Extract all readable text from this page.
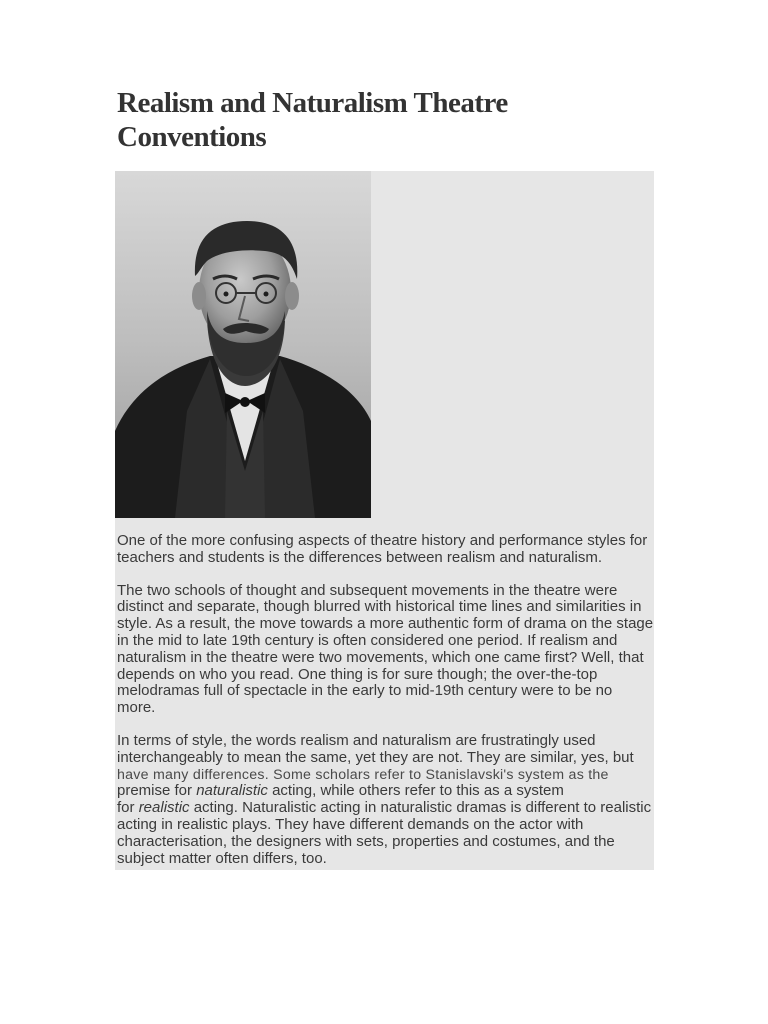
Realism and Naturalism Theatre
Conventions

One of the more confusing aspects of theatre history and performance styles for teachers and students is the differences between realism and naturalism.

The two schools of thought and subsequent movements in the theatre were distinct and separate, though blurred with historical time lines and similarities in style. As a result, the move towards a more authentic form of drama on the stage in the mid to late 19th century is often considered one period. If realism and naturalism in the theatre were two movements, which one came first? Well, that depends on who you read. One thing is for sure though; the over-the-top melodramas full of spectacle in the early to mid-19th century were to be no more.

In terms of style, the words realism and naturalism are frustratingly used interchangeably to mean the same, yet they are not. They are similar, yes, but have many differences. Some scholars refer to Stanislavski's system as the premise for naturalistic acting, while others refer to this as a system
for realistic acting. Naturalistic acting in naturalistic dramas is different to realistic acting in realistic plays. They have different demands on the actor with characterisation, the designers with sets, properties and costumes, and the subject matter often differs, too.
